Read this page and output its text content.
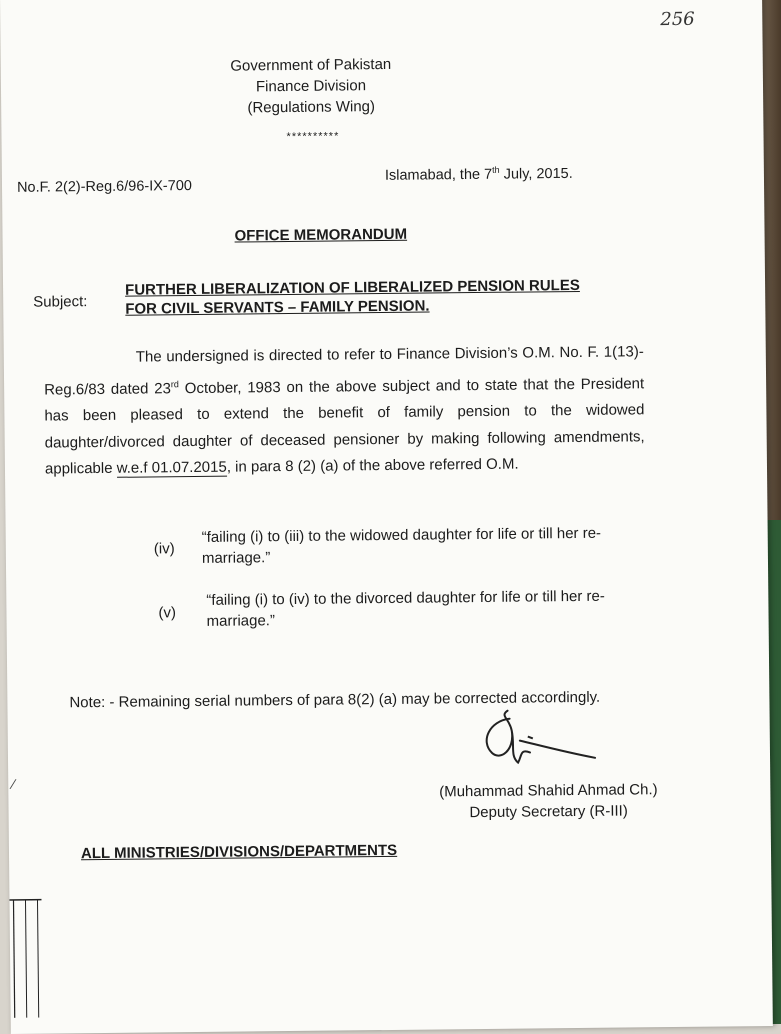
256
Government of Pakistan
Finance Division
(Regulations Wing)
**********
No.F. 2(2)-Reg.6/96-IX-700
Islamabad, the 7th July, 2015.
OFFICE MEMORANDUM
Subject:
FURTHER LIBERALIZATION OF LIBERALIZED PENSION RULES
FOR CIVIL SERVANTS – FAMILY PENSION.
The undersigned is directed to refer to Finance Division’s O.M. No. F. 1(13)-Reg.6/83 dated 23rd October, 1983 on the above subject and to state that the President has been pleased to extend the benefit of family pension to the widowed daughter/divorced daughter of deceased pensioner by making following amendments, applicable w.e.f 01.07.2015, in para 8 (2) (a) of the above referred O.M.
(iv)
“failing (i) to (iii) to the widowed daughter for life or till her re-marriage.”
(v)
“failing (i) to (iv) to the divorced daughter for life or till her re-marriage.”
Note: - Remaining serial numbers of para 8(2) (a) may be corrected accordingly.
(Muhammad Shahid Ahmad Ch.)
Deputy Secretary (R-III)
ALL MINISTRIES/DIVISIONS/DEPARTMENTS
⁄
